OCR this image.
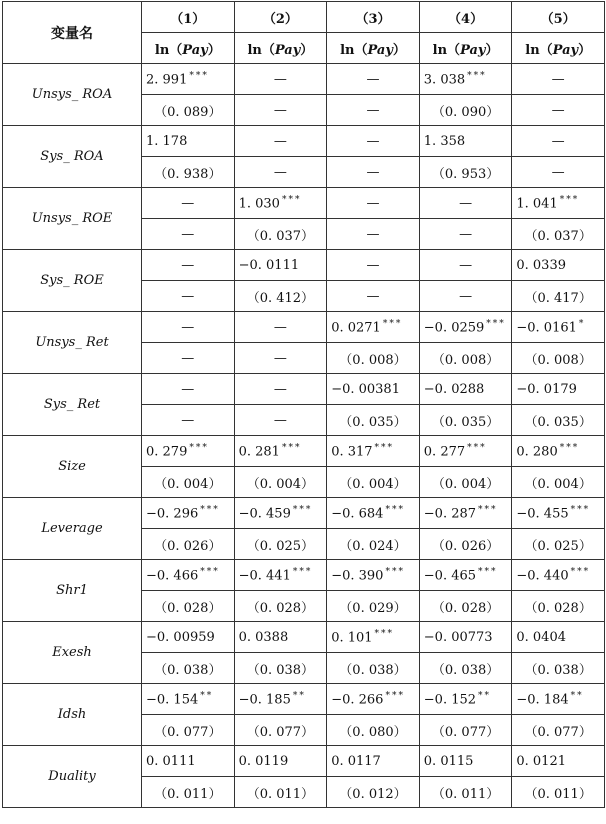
变量名	（1）	（2）	（3）	（4）	（5）
	ln（Pay）	ln（Pay）	ln（Pay）	ln（Pay）	ln（Pay）
Unsys_ ROA	2. 991 ***	—	—	3. 038 ***	—
	（0. 089）	—	—	（0. 090）	—
Sys_ ROA	1. 178	—	—	1. 358	—
	（0. 938）	—	—	（0. 953）	—
Unsys_ ROE	—	1. 030 ***	—	—	1. 041 ***
	—	（0. 037）	—	—	（0. 037）
Sys_ ROE	—	−0. 0111	—	—	0. 0339
	—	（0. 412）	—	—	（0. 417）
Unsys_ Ret	—	—	0. 0271 ***	−0. 0259 ***	−0. 0161 *
	—	—	（0. 008）	（0. 008）	（0. 008）
Sys_ Ret	—	—	−0. 00381	−0. 0288	−0. 0179
	—	—	（0. 035）	（0. 035）	（0. 035）
Size	0. 279 ***	0. 281 ***	0. 317 ***	0. 277 ***	0. 280 ***
	（0. 004）	（0. 004）	（0. 004）	（0. 004）	（0. 004）
Leverage	−0. 296 ***	−0. 459 ***	−0. 684 ***	−0. 287 ***	−0. 455 ***
	（0. 026）	（0. 025）	（0. 024）	（0. 026）	（0. 025）
Shr1	−0. 466 ***	−0. 441 ***	−0. 390 ***	−0. 465 ***	−0. 440 ***
	（0. 028）	（0. 028）	（0. 029）	（0. 028）	（0. 028）
Exesh	−0. 00959	0. 0388	0. 101 ***	−0. 00773	0. 0404
	（0. 038）	（0. 038）	（0. 038）	（0. 038）	（0. 038）
Idsh	−0. 154 **	−0. 185 **	−0. 266 ***	−0. 152 **	−0. 184 **
	（0. 077）	（0. 077）	（0. 080）	（0. 077）	（0. 077）
Duality	0. 0111	0. 0119	0. 0117	0. 0115	0. 0121
	（0. 011）	（0. 011）	（0. 012）	（0. 011）	（0. 011）
